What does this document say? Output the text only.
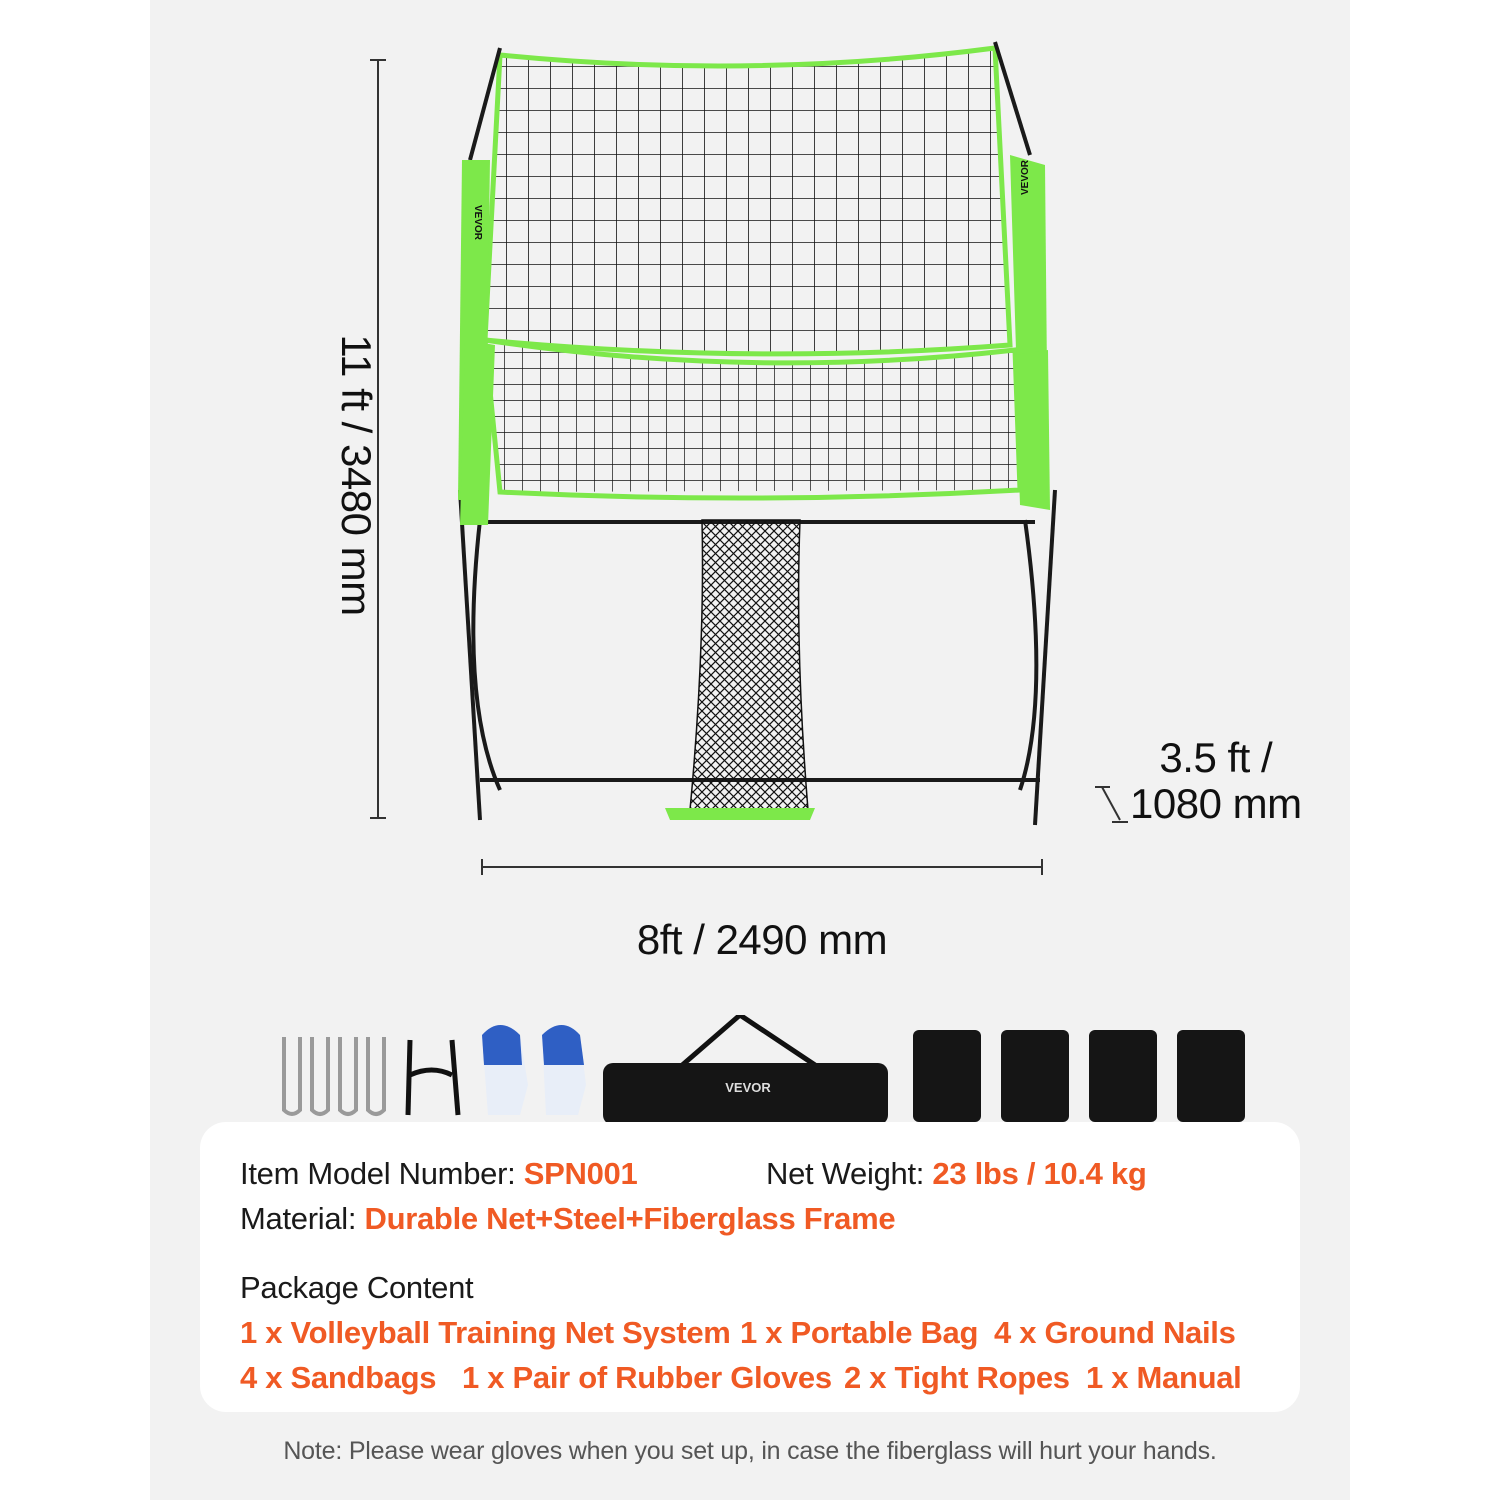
VEVOR
VEVOR
11 ft / 3480 mm
8ft / 2490 mm
3.5 ft /
1080 mm
VEVOR
Item Model Number: SPN001	Net Weight: 23 lbs / 10.4 kg
Material: Durable Net+Steel+Fiberglass Frame
Package Content
1 x Volleyball Training Net System 1 x Portable Bag 4 x Ground Nails
4 x Sandbags 1 x Pair of Rubber Gloves 2 x Tight Ropes 1 x Manual
Note: Please wear gloves when you set up, in case the fiberglass will hurt your hands.
